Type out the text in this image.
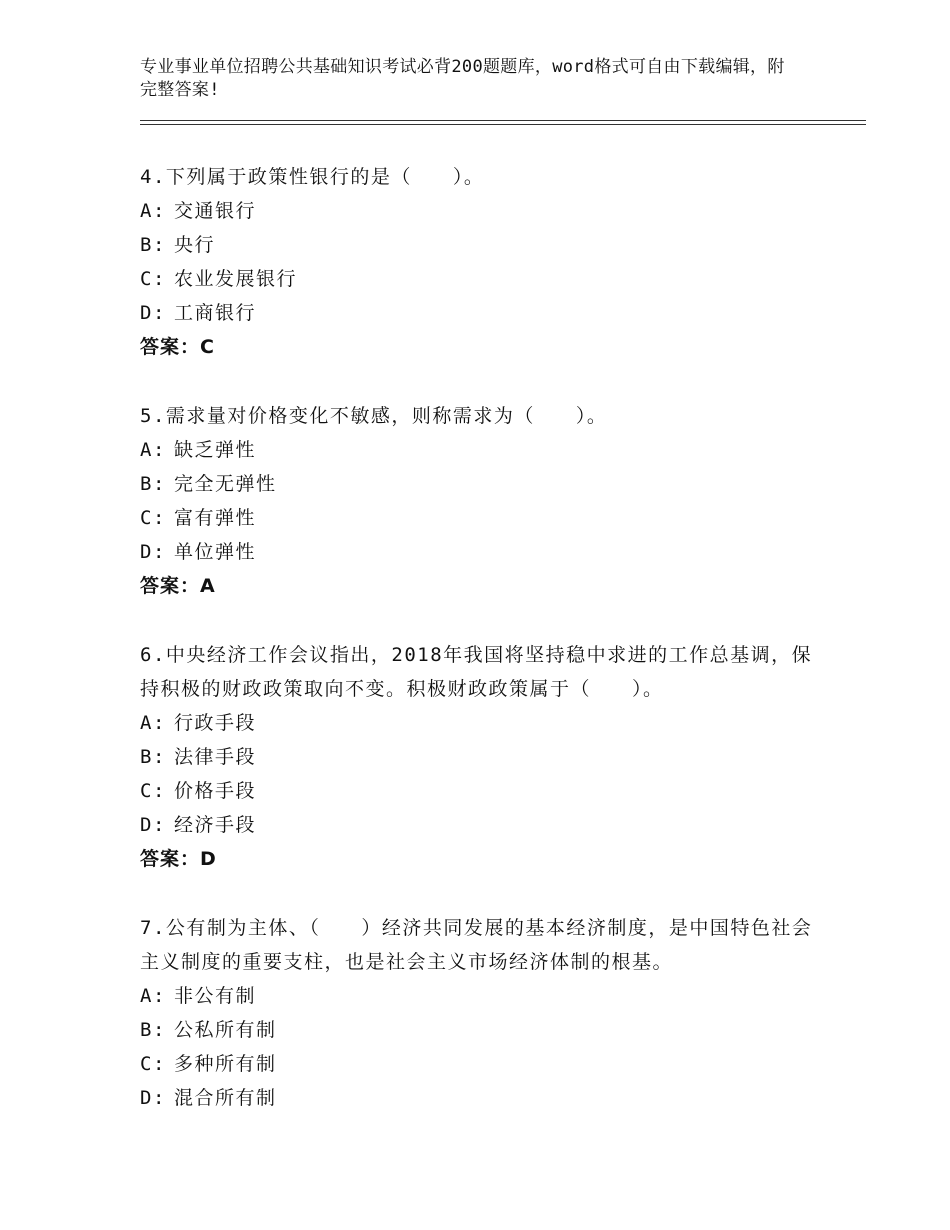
专业事业单位招聘公共基础知识考试必背200题题库，word格式可自由下载编辑，附完整答案!
4.下列属于政策性银行的是（　　）。
A: 交通银行
B: 央行
C: 农业发展银行
D: 工商银行
答案：C
5.需求量对价格变化不敏感，则称需求为（　　）。
A: 缺乏弹性
B: 完全无弹性
C: 富有弹性
D: 单位弹性
答案：A
6.中央经济工作会议指出，2018年我国将坚持稳中求进的工作总基调，保持积极的财政政策取向不变。积极财政政策属于（　　）。
A: 行政手段
B: 法律手段
C: 价格手段
D: 经济手段
答案：D
7.公有制为主体、（　　）经济共同发展的基本经济制度，是中国特色社会主义制度的重要支柱，也是社会主义市场经济体制的根基。
A: 非公有制
B: 公私所有制
C: 多种所有制
D: 混合所有制
